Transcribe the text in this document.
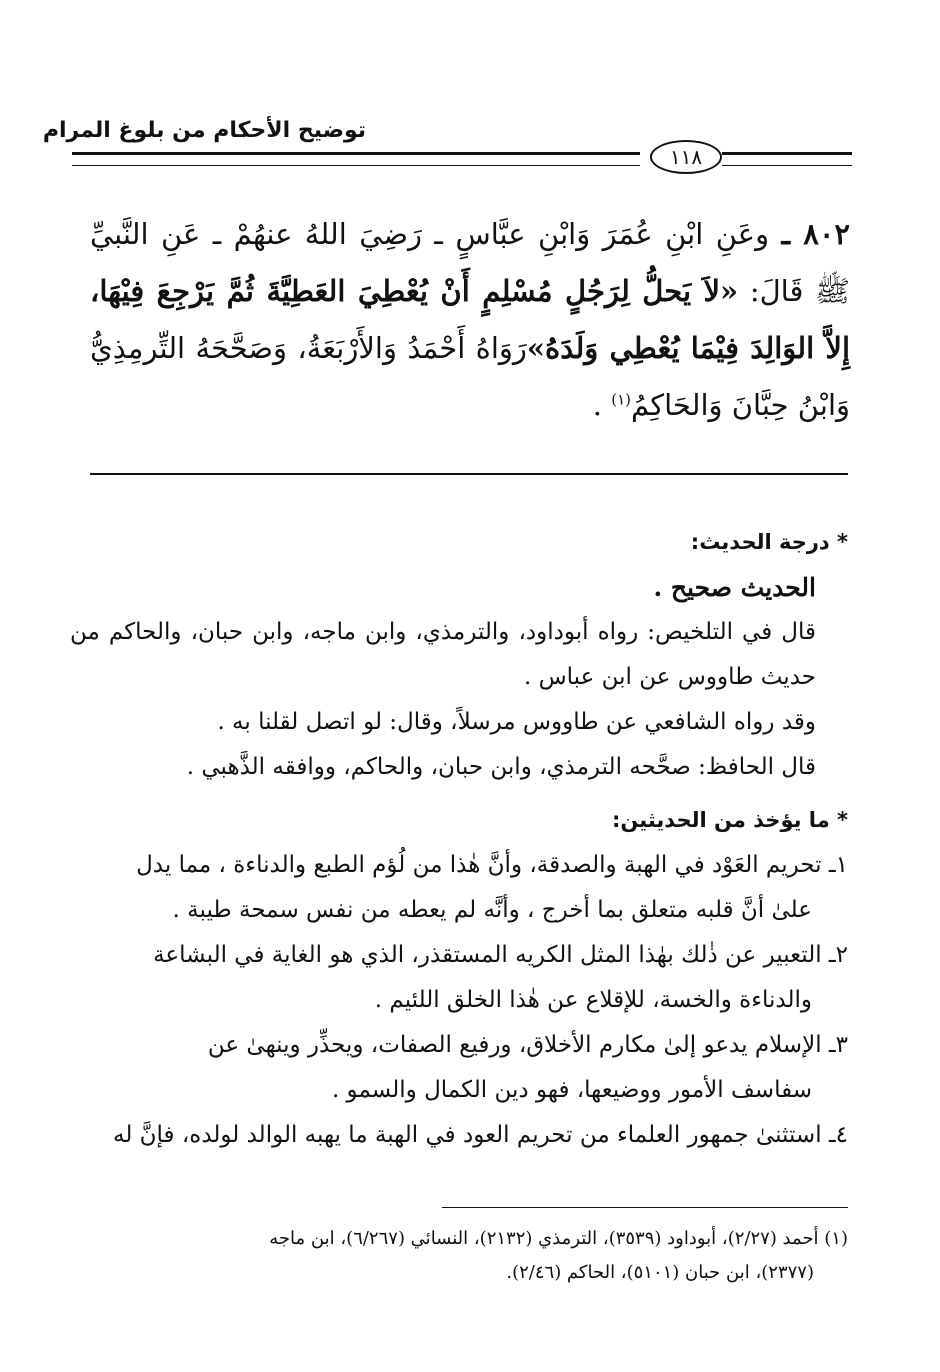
توضيح الأحكام من بلوغ المرام
١١٨
٨٠٢ ـ وعَنِ ابْنِ عُمَرَ وَابْنِ عبَّاسٍ ـ رَضِيَ اللهُ عنهُمْ ـ عَنِ النَّبيِّ ﷺ قَالَ: «لاَ يَحلُّ لِرَجُلٍ مُسْلِمٍ أَنْ يُعْطِيَ العَطِيَّةَ ثُمَّ يَرْجِعَ فِيْهَا، إِلاَّ الوَالِدَ فِيْمَا يُعْطِي وَلَدَهُ»رَوَاهُ أَحْمَدُ وَالأَرْبَعَةُ، وَصَحَّحَهُ التِّرمِذِيُّ وَابْنُ حِبَّانَ وَالحَاكِمُ$^{(١)}$ .

* درجة الحديث:

الحديث صحيح .

قال في التلخيص: رواه أبوداود، والترمذي، وابن ماجه، وابن حبان، والحاكم من حديث طاووس عن ابن عباس .

وقد رواه الشافعي عن طاووس مرسلاً، وقال: لو اتصل لقلنا به .

قال الحافظ: صحَّحه الترمذي، وابن حبان، والحاكم، ووافقه الذَّهبي .

* ما يؤخذ من الحديثين:

١ـ تحريم العَوْد في الهبة والصدقة، وأنَّ هٰذا من لُؤم الطبع والدناءة ، مما يدل

علىٰ أنَّ قلبه متعلق بما أخرج ، وأنَّه لم يعطه من نفس سمحة طيبة .

٢ـ التعبير عن ذٰلك بهٰذا المثل الكريه المستقذر، الذي هو الغاية في البشاعة

والدناءة والخسة، للإقلاع عن هٰذا الخلق اللئيم .

٣ـ الإسلام يدعو إلىٰ مكارم الأخلاق، ورفيع الصفات، ويحذِّر وينهىٰ عن

سفاسف الأمور ووضيعها، فهو دين الكمال والسمو .

٤ـ استثنىٰ جمهور العلماء من تحريم العود في الهبة ما يهبه الوالد لولده، فإنَّ له

(١) أحمد (٢/٢٧)، أبوداود (٣٥٣٩)، الترمذي (٢١٣٢)، النسائي (٦/٢٦٧)، ابن ماجه

(٢٣٧٧)، ابن حبان (٥١٠١)، الحاكم (٢/٤٦).
